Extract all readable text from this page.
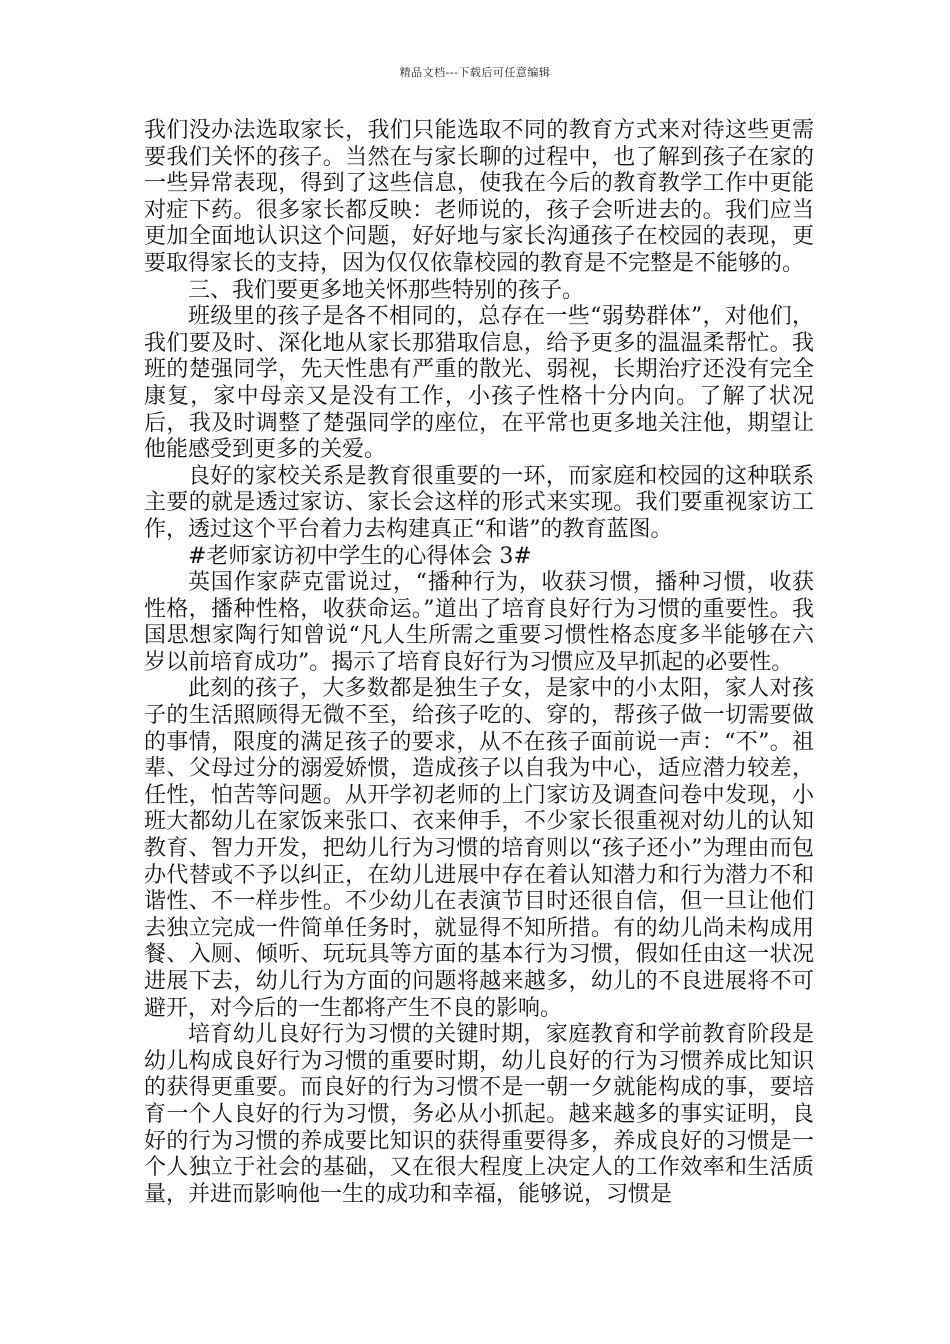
精品文档---下载后可任意编辑

我们没办法选取家长，我们只能选取不同的教育方式来对待这些更需要我们关怀的孩子。当然在与家长聊的过程中，也了解到孩子在家的一些异常表现，得到了这些信息，使我在今后的教育教学工作中更能对症下药。很多家长都反映：老师说的，孩子会听进去的。我们应当更加全面地认识这个问题，好好地与家长沟通孩子在校园的表现，更要取得家长的支持，因为仅仅依靠校园的教育是不完整是不能够的。

三、我们要更多地关怀那些特别的孩子。

班级里的孩子是各不相同的，总存在一些“弱势群体”，对他们，我们要及时、深化地从家长那猎取信息，给予更多的温温柔帮忙。我班的楚强同学，先天性患有严重的散光、弱视，长期治疗还没有完全康复，家中母亲又是没有工作，小孩子性格十分内向。了解了状况后，我及时调整了楚强同学的座位，在平常也更多地关注他，期望让他能感受到更多的关爱。

良好的家校关系是教育很重要的一环，而家庭和校园的这种联系主要的就是透过家访、家长会这样的形式来实现。我们要重视家访工作，透过这个平台着力去构建真正“和谐”的教育蓝图。

#老师家访初中学生的心得体会 3#

英国作家萨克雷说过，“播种行为，收获习惯，播种习惯，收获性格，播种性格，收获命运。”道出了培育良好行为习惯的重要性。我国思想家陶行知曾说“凡人生所需之重要习惯性格态度多半能够在六岁以前培育成功”。揭示了培育良好行为习惯应及早抓起的必要性。

此刻的孩子，大多数都是独生子女，是家中的小太阳，家人对孩子的生活照顾得无微不至，给孩子吃的、穿的，帮孩子做一切需要做的事情，限度的满足孩子的要求，从不在孩子面前说一声：“不”。祖辈、父母过分的溺爱娇惯，造成孩子以自我为中心，适应潜力较差，任性，怕苦等问题。从开学初老师的上门家访及调查问卷中发现，小班大都幼儿在家饭来张口、衣来伸手，不少家长很重视对幼儿的认知教育、智力开发，把幼儿行为习惯的培育则以“孩子还小”为理由而包办代替或不予以纠正，在幼儿进展中存在着认知潜力和行为潜力不和谐性、不一样步性。不少幼儿在表演节目时还很自信，但一旦让他们去独立完成一件简单任务时，就显得不知所措。有的幼儿尚未构成用餐、入厕、倾听、玩玩具等方面的基本行为习惯，假如任由这一状况进展下去，幼儿行为方面的问题将越来越多，幼儿的不良进展将不可避开，对今后的一生都将产生不良的影响。

培育幼儿良好行为习惯的关键时期，家庭教育和学前教育阶段是幼儿构成良好行为习惯的重要时期，幼儿良好的行为习惯养成比知识的获得更重要。而良好的行为习惯不是一朝一夕就能构成的事，要培育一个人良好的行为习惯，务必从小抓起。越来越多的事实证明，良好的行为习惯的养成要比知识的获得重要得多，养成良好的习惯是一个人独立于社会的基础，又在很大程度上决定人的工作效率和生活质量，并进而影响他一生的成功和幸福，能够说，习惯是
